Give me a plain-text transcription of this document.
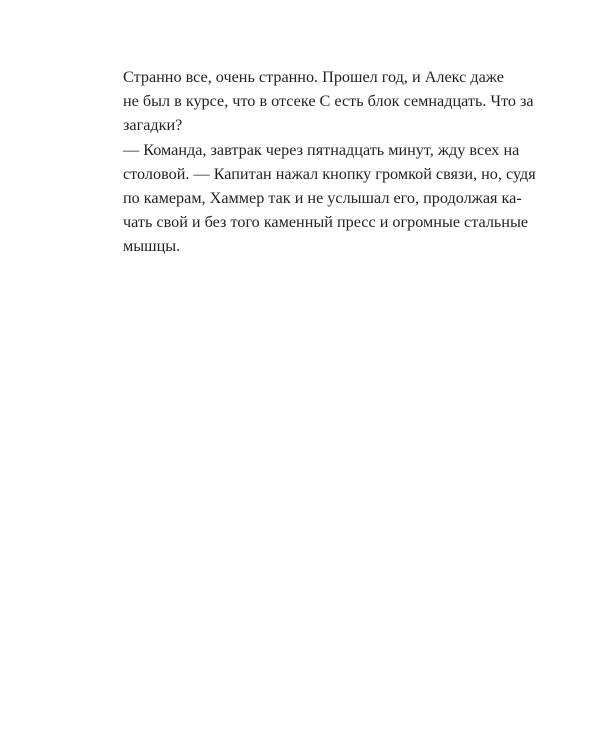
Странно все, очень странно. Прошел год, и Алекс даже
не был в курсе, что в отсеке С есть блок семнадцать. Что за
загадки?
— Команда, завтрак через пятнадцать минут, жду всех на
столовой. — Капитан нажал кнопку громкой связи, но, судя
по камерам, Хаммер так и не услышал его, продолжая ка-
чать свой и без того каменный пресс и огромные стальные
мышцы.
